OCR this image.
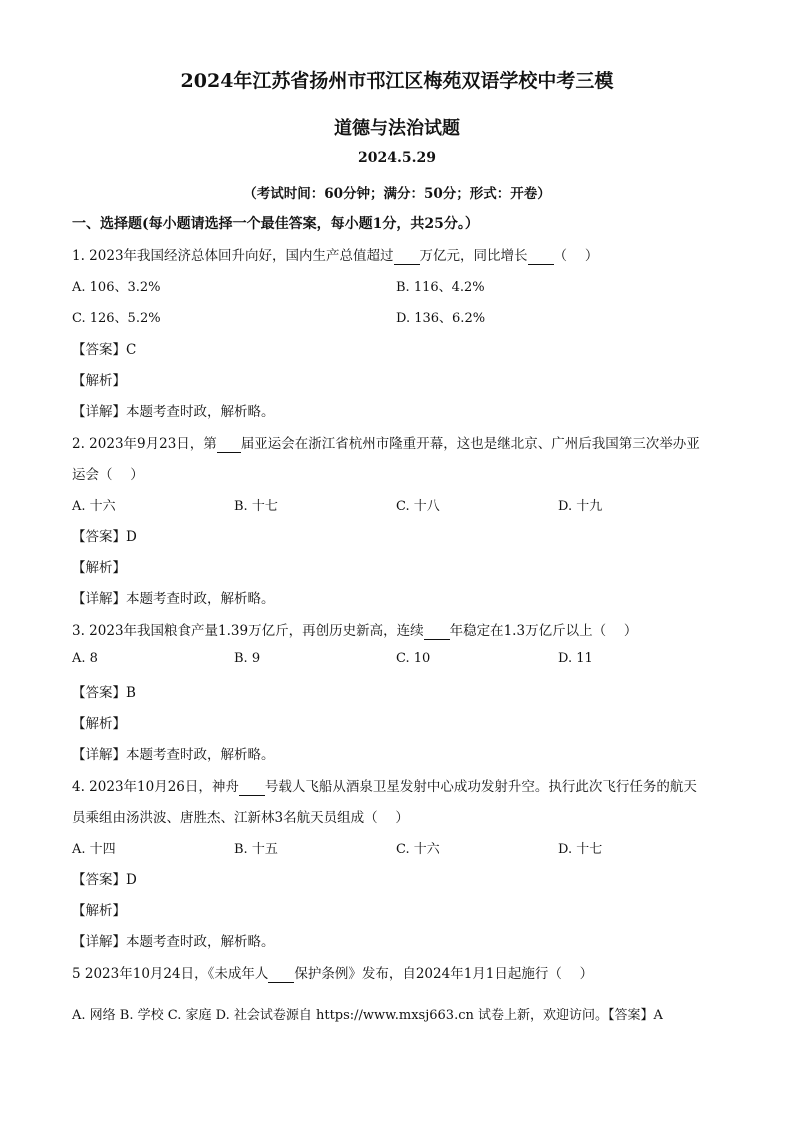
2024年江苏省扬州市邗江区梅苑双语学校中考三模
道德与法治试题
2024.5.29
（考试时间：60分钟；满分：50分；形式：开卷）
一、选择题(每小题请选择一个最佳答案，每小题1分，共25分。）
1. 2023年我国经济总体回升向好，国内生产总值超过 万亿元，同比增长 （　 ）
A. 106、3.2%	B. 116、4.2%
C. 126、5.2%	D. 136、6.2%
【答案】C
【解析】
【详解】本题考查时政，解析略。
2. 2023年9月23日，第 届亚运会在浙江省杭州市隆重开幕，这也是继北京、广州后我国第三次举办亚
运会（　 ）
A. 十六	B. 十七	C. 十八	D. 十九
【答案】D
【解析】
【详解】本题考查时政，解析略。
3. 2023年我国粮食产量1.39万亿斤，再创历史新高，连续 年稳定在1.3万亿斤以上（　 ）
A. 8	B. 9	C. 10	D. 11
【答案】B
【解析】
【详解】本题考查时政，解析略。
4. 2023年10月26日，神舟 号载人飞船从酒泉卫星发射中心成功发射升空。执行此次飞行任务的航天
员乘组由汤洪波、唐胜杰、江新林3名航天员组成（　 ）
A. 十四	B. 十五	C. 十六	D. 十七
【答案】D
【解析】
【详解】本题考查时政，解析略。
5 2023年10月24日，《未成年人 保护条例》发布，自2024年1月1日起施行（　 ）
A. 网络 B. 学校 C. 家庭 D. 社会试卷源自 https://www.mxsj663.cn 试卷上新，欢迎访问。【答案】A
